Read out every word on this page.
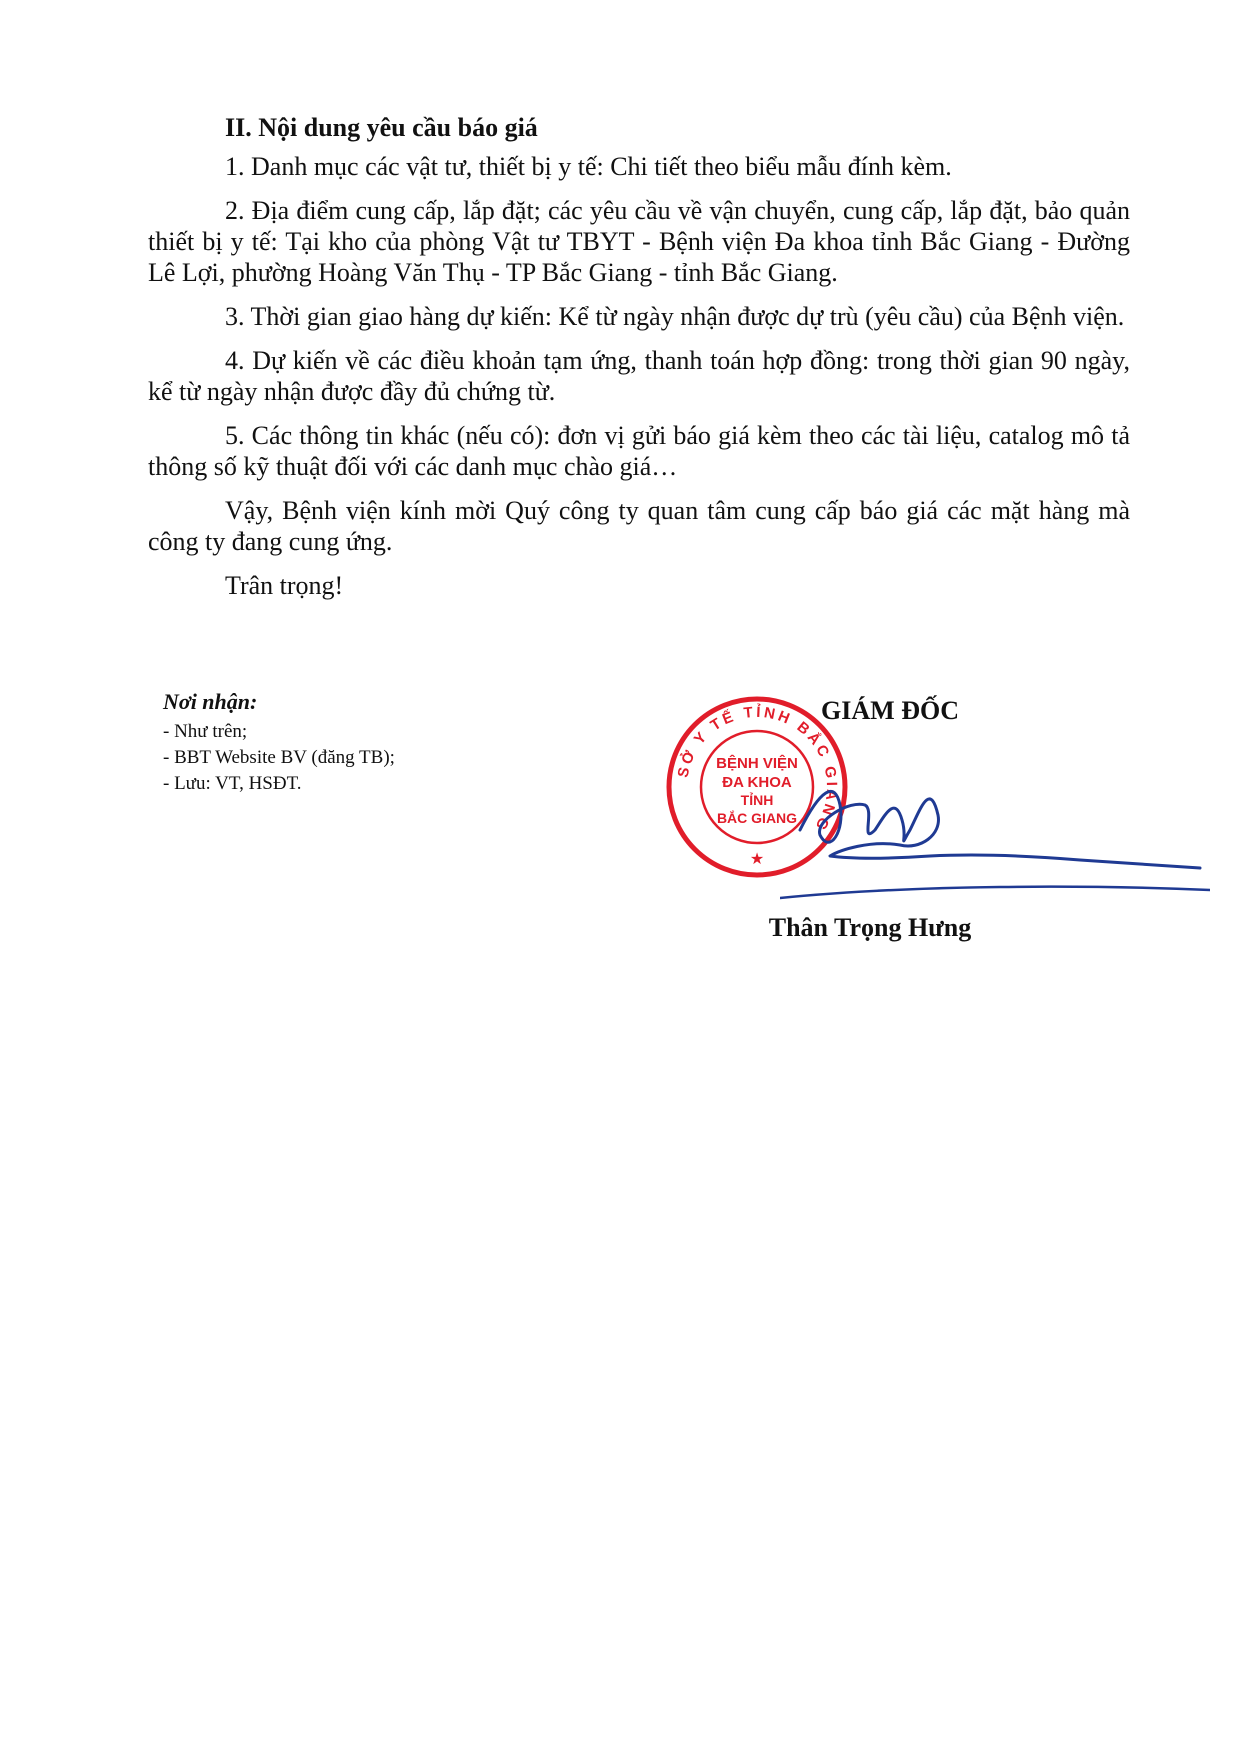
II. Nội dung yêu cầu báo giá

1. Danh mục các vật tư, thiết bị y tế: Chi tiết theo biểu mẫu đính kèm.

2. Địa điểm cung cấp, lắp đặt; các yêu cầu về vận chuyển, cung cấp, lắp đặt, bảo quản thiết bị y tế: Tại kho của phòng Vật tư TBYT - Bệnh viện Đa khoa tỉnh Bắc Giang - Đường Lê Lợi, phường Hoàng Văn Thụ - TP Bắc Giang - tỉnh Bắc Giang.

3. Thời gian giao hàng dự kiến: Kể từ ngày nhận được dự trù (yêu cầu) của Bệnh viện.

4. Dự kiến về các điều khoản tạm ứng, thanh toán hợp đồng: trong thời gian 90 ngày, kể từ ngày nhận được đầy đủ chứng từ.

5. Các thông tin khác (nếu có): đơn vị gửi báo giá kèm theo các tài liệu, catalog mô tả thông số kỹ thuật đối với các danh mục chào giá…

Vậy, Bệnh viện kính mời Quý công ty quan tâm cung cấp báo giá các mặt hàng mà công ty đang cung ứng.

Trân trọng!

Nơi nhận:

- Như trên;
- BBT Website BV (đăng TB);
- Lưu: VT, HSĐT.
SỞ Y TẾ TỈNH BẮC GIANG
BỆNH VIỆN
ĐA KHOA
TỈNH
BẮC GIANG
★
GIÁM ĐỐC
Thân Trọng Hưng
